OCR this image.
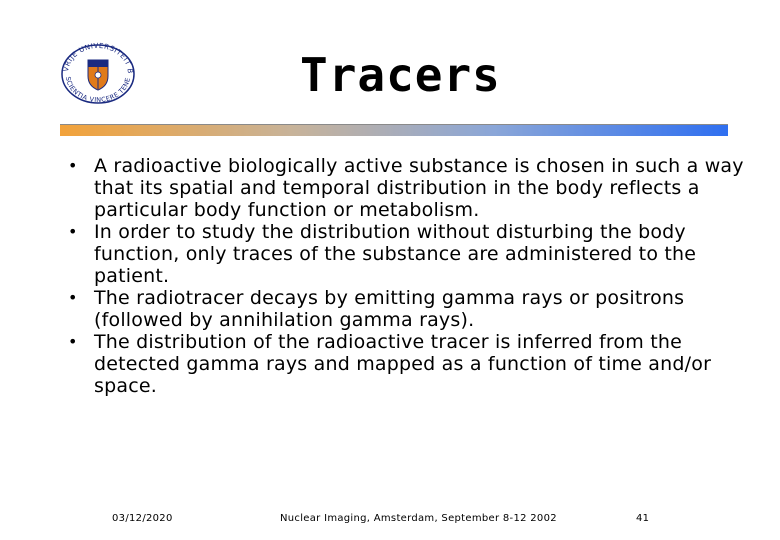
VRIJE UNIVERSITEIT B
SCIENTIA VINCERE TENE	Tracers
• A radioactive biologically active substance is chosen in such a way that its spatial and temporal distribution in the body reflects a particular body function or metabolism.
• In order to study the distribution without disturbing the body function, only traces of the substance are administered to the patient.
• The radiotracer decays by emitting gamma rays or positrons (followed by annihilation gamma rays).
• The distribution of the radioactive tracer is inferred from the detected gamma rays and mapped as a function of time and/or space.
03/12/2020	Nuclear Imaging, Amsterdam, September 8-12 2002	41
